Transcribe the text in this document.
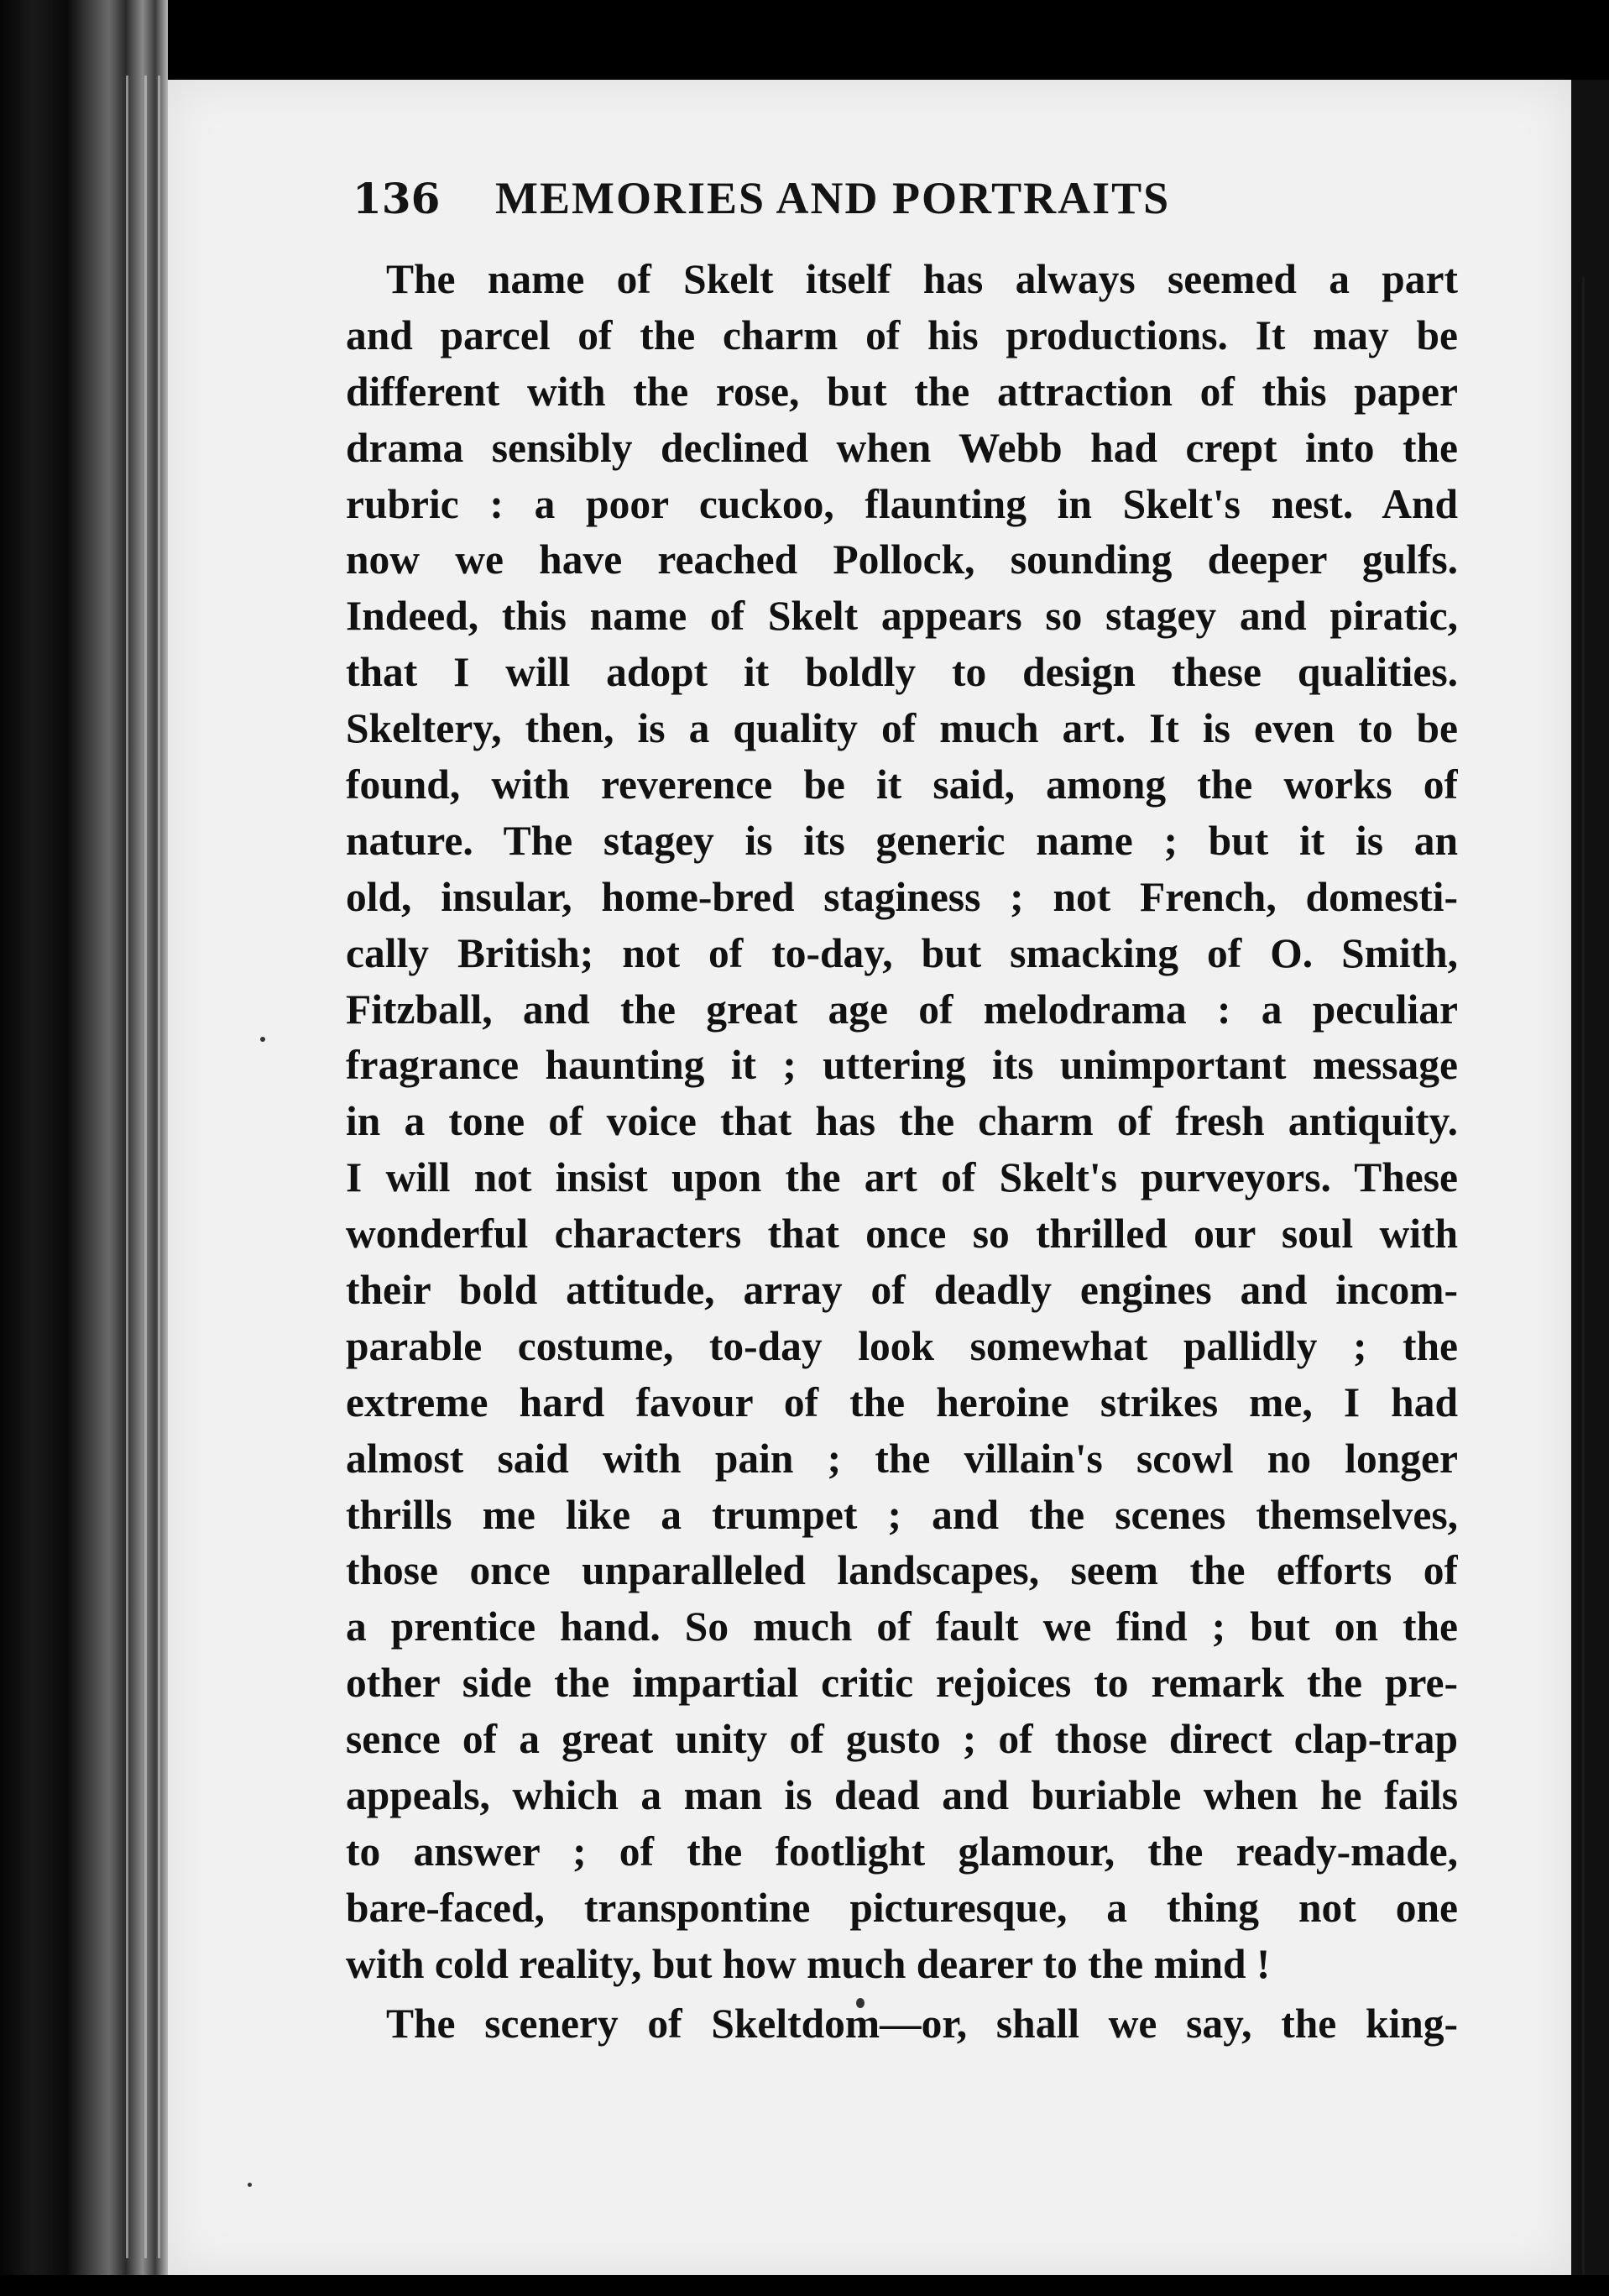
136	MEMORIES AND PORTRAITS
The name of Skelt itself has always seemed a part
and parcel of the charm of his productions. It may be
different with the rose, but the attraction of this paper
drama sensibly declined when Webb had crept into the
rubric : a poor cuckoo, flaunting in Skelt's nest. And
now we have reached Pollock, sounding deeper gulfs.
Indeed, this name of Skelt appears so stagey and piratic,
that I will adopt it boldly to design these qualities.
Skeltery, then, is a quality of much art. It is even to be
found, with reverence be it said, among the works of
nature. The stagey is its generic name ; but it is an
old, insular, home-bred staginess ; not French, domesti-
cally British; not of to-day, but smacking of O. Smith,
Fitzball, and the great age of melodrama : a peculiar
fragrance haunting it ; uttering its unimportant message
in a tone of voice that has the charm of fresh antiquity.
I will not insist upon the art of Skelt's purveyors. These
wonderful characters that once so thrilled our soul with
their bold attitude, array of deadly engines and incom-
parable costume, to-day look somewhat pallidly ; the
extreme hard favour of the heroine strikes me, I had
almost said with pain ; the villain's scowl no longer
thrills me like a trumpet ; and the scenes themselves,
those once unparalleled landscapes, seem the efforts of
a prentice hand. So much of fault we find ; but on the
other side the impartial critic rejoices to remark the pre-
sence of a great unity of gusto ; of those direct clap-trap
appeals, which a man is dead and buriable when he fails
to answer ; of the footlight glamour, the ready-made,
bare-faced, transpontine picturesque, a thing not one
with cold reality, but how much dearer to the mind !
The scenery of Skeltdom—or, shall we say, the king-
